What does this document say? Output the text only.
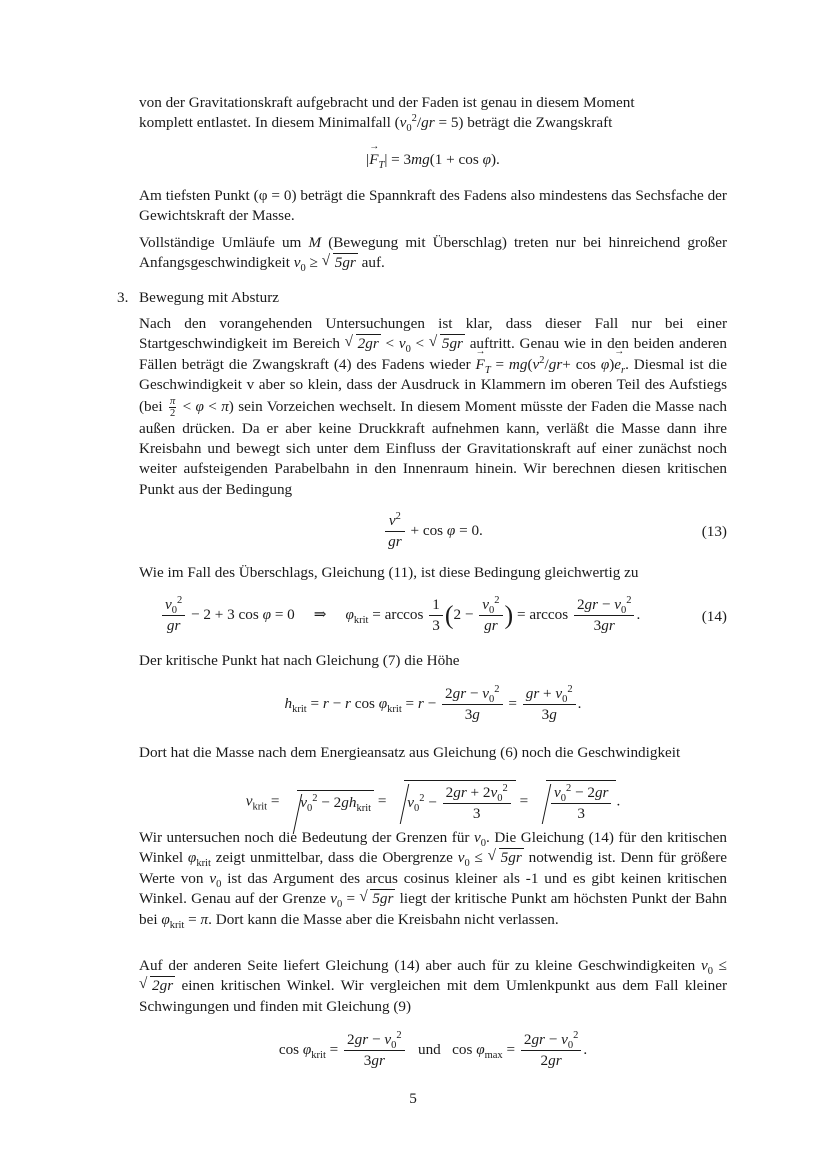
von der Gravitationskraft aufgebracht und der Faden ist genau in diesem Moment
komplett entlastet. In diesem Minimalfall $(v_0^2/gr = 5)$ beträgt die Zwangskraft
|→ $F_T| = 3mg(1 + \cos \varphi)$.
Am tiefsten Punkt (φ = 0) beträgt die Spannkraft des Fadens also mindestens das Sechsfache der Gewichtskraft der Masse.
Vollständige Umläufe um M (Bewegung mit Überschlag) treten nur bei hinreichend großer Anfangsgeschwindigkeit $v_0$ ≥ √ 5gr auf.
3. Bewegung mit Absturz
Nach den vorangehenden Untersuchungen ist klar, dass dieser Fall nur bei einer Startgeschwindigkeit im Bereich √ $2gr < v_0$ < √ 5gr auftritt. Genau wie in den beiden anderen Fällen beträgt die Zwangskraft (4) des Fadens wieder → $F_T = mg(v^2/gr+ \cos \varphi)\to e_r$. Diesmal ist die Geschwindigkeit v aber so klein, dass der Ausdruck in Klammern im oberen Teil des Aufstiegs $(bei \frac{\pi}{2} < \varphi < \pi)$ sein Vorzeichen wechselt. In diesem Moment müsste der Faden die Masse nach außen drücken. Da er aber keine Druckkraft aufnehmen kann, verläßt die Masse dann ihre Kreisbahn und bewegt sich unter dem Einfluss der Gravitationskraft auf einer zunächst noch weiter aufsteigenden Parabelbahn in den Innenraum hinein. Wir berechnen diesen kritischen Punkt aus der Bedingung
$\frac{v^2}{gr} + \cos \varphi = 0$.	(13)
Wie im Fall des Überschlags, Gleichung (11), ist diese Bedingung gleichwertig zu
$\frac{v_0^2}{gr} - 2 + 3$ cos φ = 0     ⇒ $\varphi_{krit} = \arccos \frac{1}{3} (2 - \frac{v_0^2}{gr}$ ) = $\arccos \frac{2gr - v_0^2}{3gr}$ .	(14)
Der kritische Punkt hat nach Gleichung (7) die Höhe
$h_{krit} = r - r$ $\cos \varphi_{krit} = r - \frac{2gr - v_0^2}{3g} = \frac{gr + v_0^2}{3g}$ .
Dort hat die Masse nach dem Energieansatz aus Gleichung (6) noch die Geschwindigkeit
$v_{krit} = v_0^2 - 2gh_{krit} = v_0^2 - \frac{2gr + 2v_0^2}{3} = \frac{v_0^2 - 2gr}{3}$ .
Wir untersuchen noch die Bedeutung der Grenzen für $v_0$. Die Gleichung (14) für den kritischen Winkel $\varphi_{krit}$ zeigt unmittelbar, dass die Obergrenze $v_0$ ≤ √ 5gr notwendig ist. Denn für größere Werte von $v_0$ ist das Argument des arcus cosinus kleiner als -1 und es gibt keinen kritischen Winkel. Genau auf der Grenze $v_0$ = √ 5gr liegt der kritische Punkt am höchsten Punkt der Bahn bei $\varphi_{krit} = \pi$. Dort kann die Masse aber die Kreisbahn nicht verlassen.
Auf der anderen Seite liefert Gleichung (14) aber auch für zu kleine Geschwindigkeiten $v_0$ ≤ √ 2gr einen kritischen Winkel. Wir vergleichen mit dem Umlenkpunkt aus dem Fall kleiner Schwingungen und finden mit Gleichung (9)
$\cos \varphi_{krit} = \frac{2gr - v_0^2}{3gr}$ und   $\cos \varphi_{max} = \frac{2gr - v_0^2}{2gr}$ .
5
